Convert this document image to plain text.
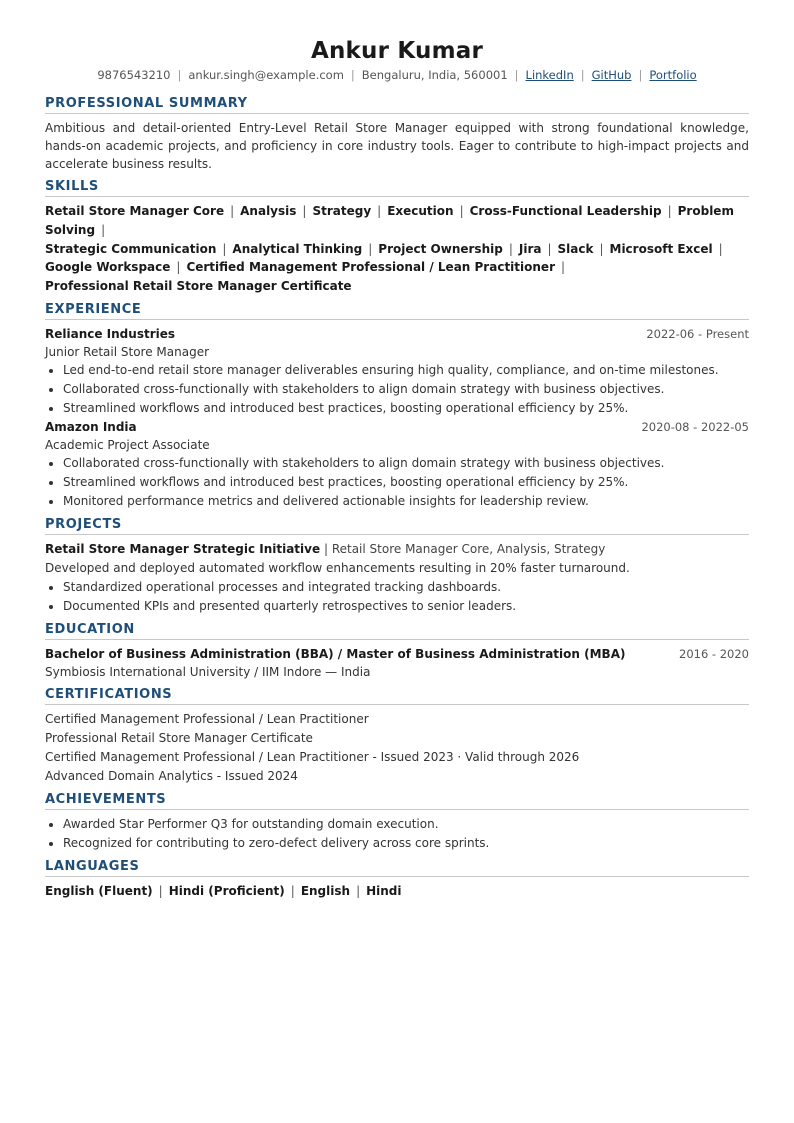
Ankur Kumar
9876543210 | ankur.singh@example.com | Bengaluru, India, 560001 | LinkedIn | GitHub | Portfolio
PROFESSIONAL SUMMARY
Ambitious and detail-oriented Entry-Level Retail Store Manager equipped with strong foundational knowledge, hands-on academic projects, and proficiency in core industry tools. Eager to contribute to high-impact projects and accelerate business results.
SKILLS
Retail Store Manager Core | Analysis | Strategy | Execution | Cross-Functional Leadership | Problem Solving |
Strategic Communication | Analytical Thinking | Project Ownership | Jira | Slack | Microsoft Excel |
Google Workspace | Certified Management Professional / Lean Practitioner |
Professional Retail Store Manager Certificate
EXPERIENCE
Reliance Industries	2022-06 - Present
Junior Retail Store Manager
• Led end-to-end retail store manager deliverables ensuring high quality, compliance, and on-time milestones.
• Collaborated cross-functionally with stakeholders to align domain strategy with business objectives.
• Streamlined workflows and introduced best practices, boosting operational efficiency by 25%.
Amazon India	2020-08 - 2022-05
Academic Project Associate
• Collaborated cross-functionally with stakeholders to align domain strategy with business objectives.
• Streamlined workflows and introduced best practices, boosting operational efficiency by 25%.
• Monitored performance metrics and delivered actionable insights for leadership review.
PROJECTS
Retail Store Manager Strategic Initiative | Retail Store Manager Core, Analysis, Strategy
Developed and deployed automated workflow enhancements resulting in 20% faster turnaround.
• Standardized operational processes and integrated tracking dashboards.
• Documented KPIs and presented quarterly retrospectives to senior leaders.
EDUCATION
Bachelor of Business Administration (BBA) / Master of Business Administration (MBA)	2016 - 2020
Symbiosis International University / IIM Indore — India
CERTIFICATIONS
Certified Management Professional / Lean Practitioner
Professional Retail Store Manager Certificate
Certified Management Professional / Lean Practitioner - Issued 2023 · Valid through 2026
Advanced Domain Analytics - Issued 2024
ACHIEVEMENTS
• Awarded Star Performer Q3 for outstanding domain execution.
• Recognized for contributing to zero-defect delivery across core sprints.
LANGUAGES
English (Fluent) | Hindi (Proficient) | English | Hindi
